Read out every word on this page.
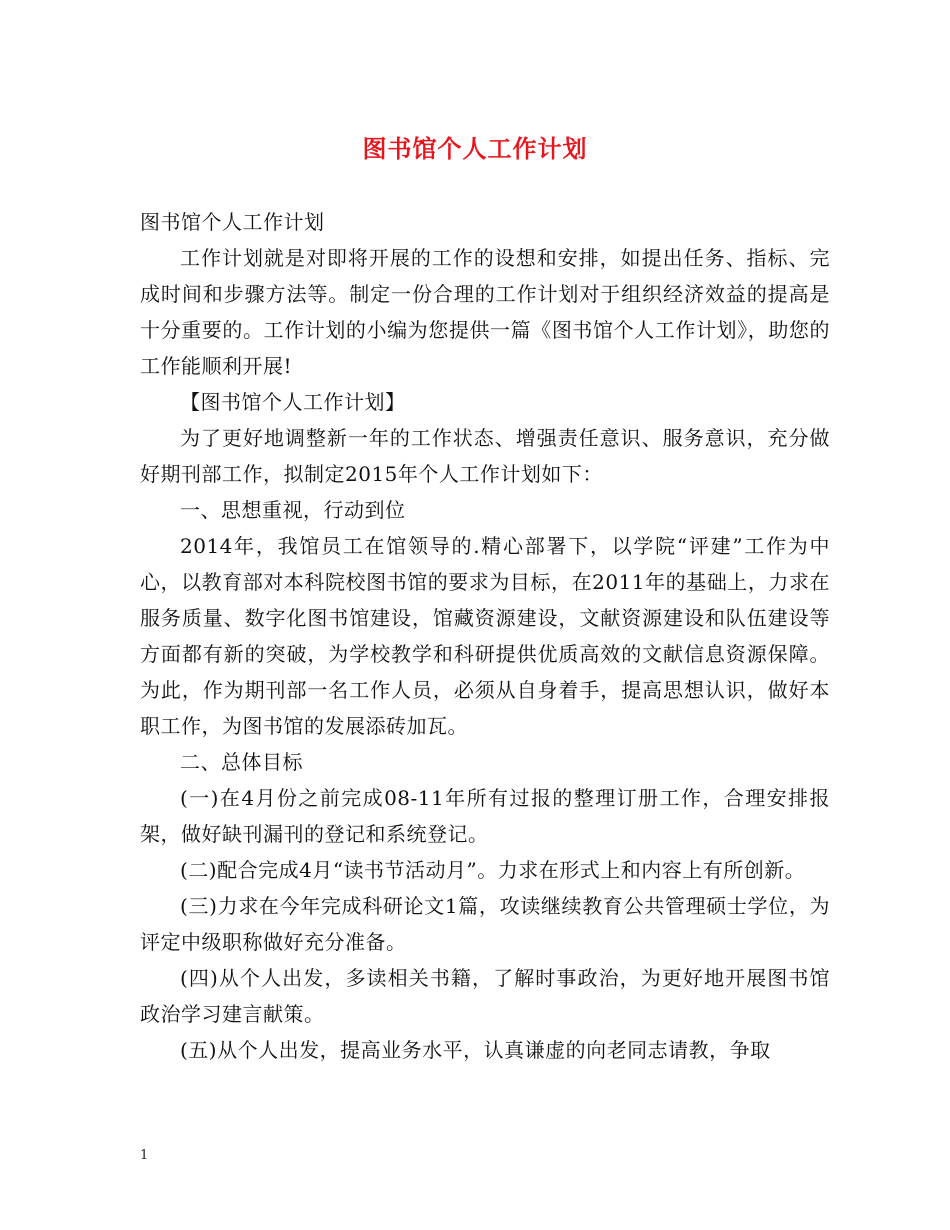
图书馆个人工作计划

图书馆个人工作计划

工作计划就是对即将开展的工作的设想和安排，如提出任务、指标、完成时间和步骤方法等。制定一份合理的工作计划对于组织经济效益的提高是十分重要的。工作计划的小编为您提供一篇《图书馆个人工作计划》，助您的工作能顺利开展!

【图书馆个人工作计划】

为了更好地调整新一年的工作状态、增强责任意识、服务意识，充分做好期刊部工作，拟制定2015年个人工作计划如下：

一、思想重视，行动到位

2014年，我馆员工在馆领导的.精心部署下，以学院“评建”工作为中心，以教育部对本科院校图书馆的要求为目标，在2011年的基础上，力求在服务质量、数字化图书馆建设，馆藏资源建设，文献资源建设和队伍建设等方面都有新的突破，为学校教学和科研提供优质高效的文献信息资源保障。为此，作为期刊部一名工作人员，必须从自身着手，提高思想认识，做好本职工作，为图书馆的发展添砖加瓦。

二、总体目标

(一)在4月份之前完成08-11年所有过报的整理订册工作，合理安排报架，做好缺刊漏刊的登记和系统登记。

(二)配合完成4月“读书节活动月”。力求在形式上和内容上有所创新。

(三)力求在今年完成科研论文1篇，攻读继续教育公共管理硕士学位，为评定中级职称做好充分准备。

(四)从个人出发，多读相关书籍，了解时事政治，为更好地开展图书馆政治学习建言献策。

(五)从个人出发，提高业务水平，认真谦虚的向老同志请教，争取

1
